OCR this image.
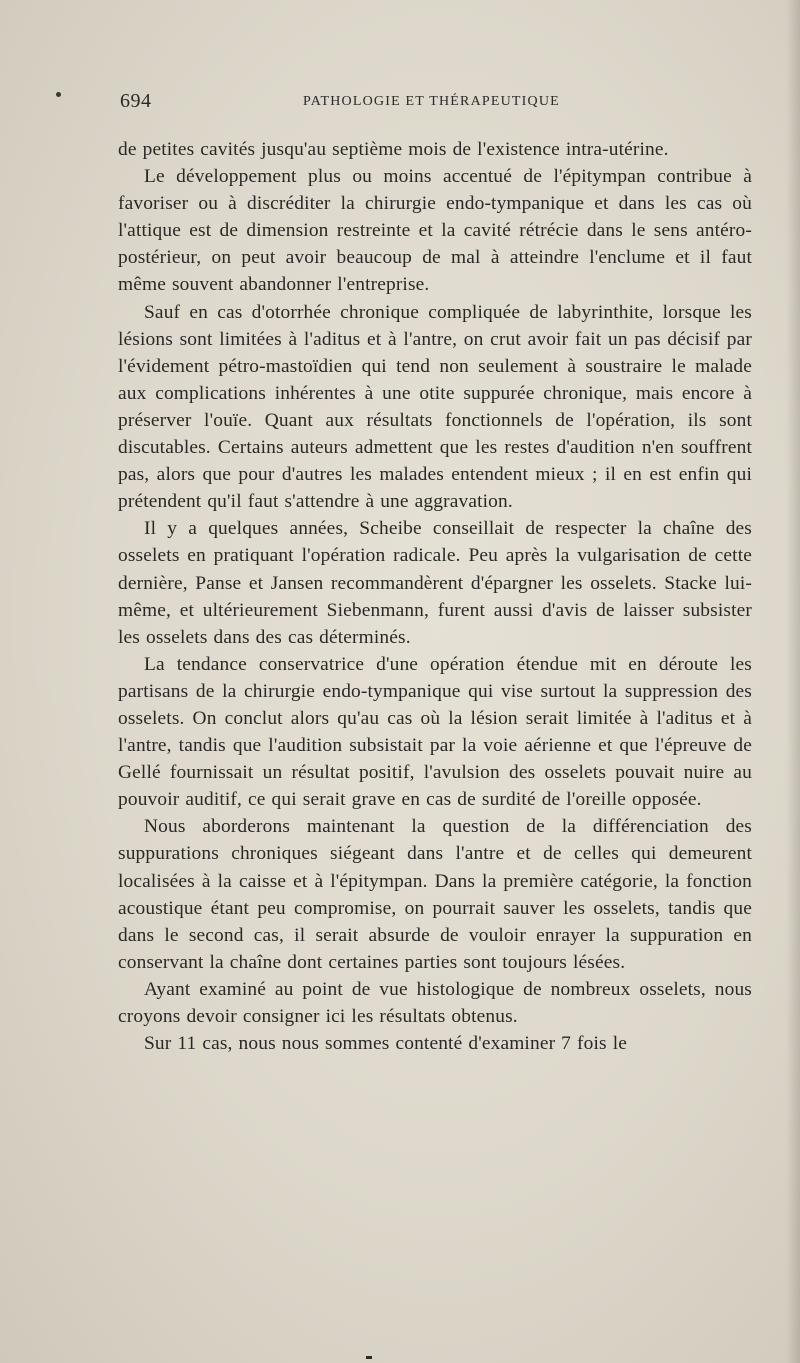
694	PATHOLOGIE ET THÉRAPEUTIQUE

de petites cavités jusqu'au septième mois de l'existence intra-utérine.

Le développement plus ou moins accentué de l'épitympan contribue à favoriser ou à discréditer la chirurgie endo-tympanique et dans les cas où l'attique est de dimension restreinte et la cavité rétrécie dans le sens antéro-postérieur, on peut avoir beaucoup de mal à atteindre l'enclume et il faut même souvent abandonner l'entreprise.

Sauf en cas d'otorrhée chronique compliquée de labyrinthite, lorsque les lésions sont limitées à l'aditus et à l'antre, on crut avoir fait un pas décisif par l'évidement pétro-mastoïdien qui tend non seulement à soustraire le malade aux complications inhérentes à une otite suppurée chronique, mais encore à préserver l'ouïe. Quant aux résultats fonctionnels de l'opération, ils sont discutables. Certains auteurs admettent que les restes d'audition n'en souffrent pas, alors que pour d'autres les malades entendent mieux ; il en est enfin qui prétendent qu'il faut s'attendre à une aggravation.

Il y a quelques années, Scheibe conseillait de respecter la chaîne des osselets en pratiquant l'opération radicale. Peu après la vulgarisation de cette dernière, Panse et Jansen recommandèrent d'épargner les osselets. Stacke lui-même, et ultérieurement Siebenmann, furent aussi d'avis de laisser subsister les osselets dans des cas déterminés.

La tendance conservatrice d'une opération étendue mit en déroute les partisans de la chirurgie endo-tympanique qui vise surtout la suppression des osselets. On conclut alors qu'au cas où la lésion serait limitée à l'aditus et à l'antre, tandis que l'audition subsistait par la voie aérienne et que l'épreuve de Gellé fournissait un résultat positif, l'avulsion des osselets pouvait nuire au pouvoir auditif, ce qui serait grave en cas de surdité de l'oreille opposée.

Nous aborderons maintenant la question de la différenciation des suppurations chroniques siégeant dans l'antre et de celles qui demeurent localisées à la caisse et à l'épitympan. Dans la première catégorie, la fonction acoustique étant peu compromise, on pourrait sauver les osselets, tandis que dans le second cas, il serait absurde de vouloir enrayer la suppuration en conservant la chaîne dont certaines parties sont toujours lésées.

Ayant examiné au point de vue histologique de nombreux osselets, nous croyons devoir consigner ici les résultats obtenus.

Sur 11 cas, nous nous sommes contenté d'examiner 7 fois le
